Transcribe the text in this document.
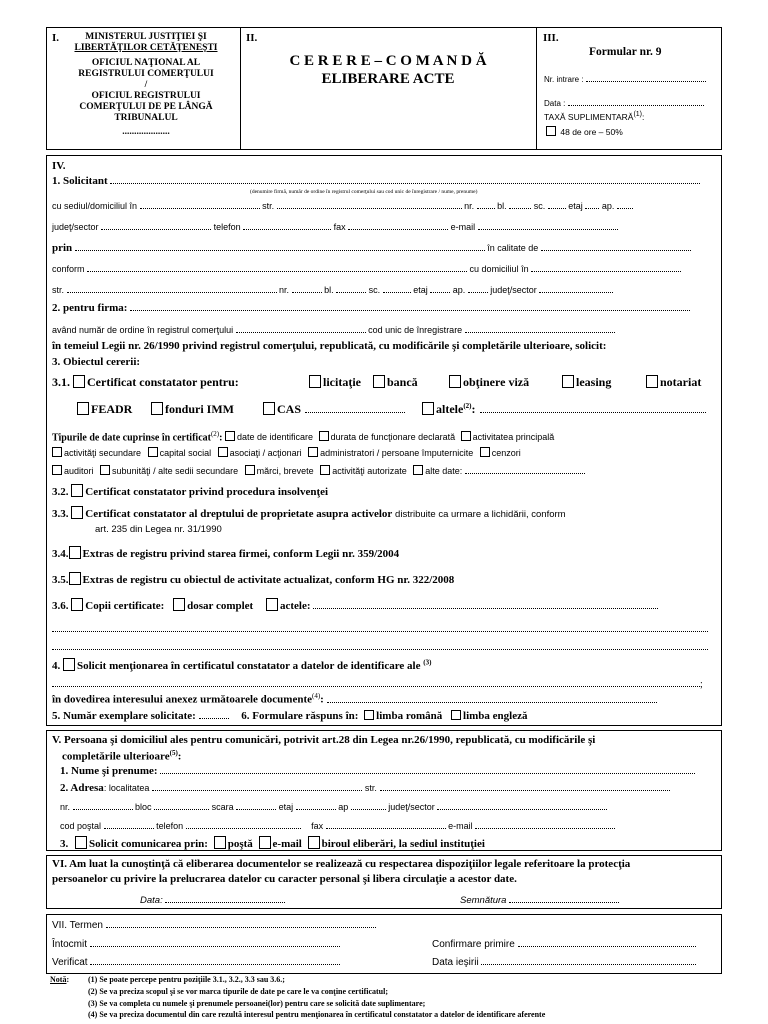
I.	MINISTERUL JUSTIŢIEI ŞI
LIBERTĂŢILOR CETĂŢENEŞTI
OFICIUL NAŢIONAL AL
REGISTRULUI COMERŢULUI
/
OFICIUL REGISTRULUI
COMERŢULUI DE PE LÂNGĂ
TRIBUNALUL
....................
II.
C E R E R E – C O M A N D Ă
ELIBERARE ACTE
III.
Formular nr. 9
Nr. intrare :
Data :
TAXĂ SUPLIMENTARĂ$^{(1)}$:
48 de ore – 50%
IV.
1. Solicitant
(denumire firmă, număr de ordine în registrul comerţului sau cod unic de înregistrare / nume, prenume)
cu sediul/domiciliul în	str.	nr.	bl.	sc.	etaj ap.
judeţ/sector	telefon	fax	e-mail
prin	în calitate de
conform	cu domiciliul în
str.	nr.	bl.	sc.	etaj	ap.	judeţ/sector
2. pentru firma:
având număr de ordine în registrul comerţului	cod unic de înregistrare
în temeiul Legii nr. 26/1990 privind registrul comerţului, republicată, cu modificările şi completările ulterioare, solicit:
3. Obiectul cererii:
3.1. Certificat constatator pentru:	licitaţie	bancă	obţinere viză	leasing	notariat
FEADR	fonduri IMM	CAS	altele$^{(2)}$:
Tipurile de date cuprinse în certificat$^{(2)}$: date de identificare durata de funcţionare declarată activitatea principală
activităţi secundare capital social asociaţi / acţionari administratori / persoane împuternicite cenzori
auditori subunităţi / alte sedii secundare mărci, brevete activităţi autorizate alte date:
3.2. Certificat constatator privind procedura insolvenţei
3.3. Certificat constatator al dreptului de proprietate asupra activelor distribuite ca urmare a lichidării, conform
art. 235 din Legea nr. 31/1990
3.4. Extras de registru privind starea firmei, conform Legii nr. 359/2004
3.5. Extras de registru cu obiectul de activitate actualizat, conform HG nr. 322/2008
3.6. Copii certificate: dosar complet actele:
4. Solicit menţionarea în certificatul constatator a datelor de identificare ale $^{(3)}$
;
în dovedirea interesului anexez următoarele documente$^{(4)}$:
5. Număr exemplare solicitate:	6. Formulare răspuns în: limba română limba engleză
V. Persoana şi domiciliul ales pentru comunicări, potrivit art.28 din Legea nr.26/1990, republicată, cu modificările şi
completările ulterioare$^{(5)}$:
1. Nume şi prenume:
2. Adresa: localitatea	str.
nr.	bloc	scara	etaj	ap	judeţ/sector
cod poştal	telefon	fax	e-mail
3. Solicit comunicarea prin: poştă e-mail biroul eliberări, la sediul instituţiei
VI. Am luat la cunoştinţă că eliberarea documentelor se realizează cu respectarea dispoziţiilor legale referitoare la protecţia
persoanelor cu privire la prelucrarea datelor cu caracter personal şi libera circulaţie a acestor date.
Data:	Semnătura
VII. Termen
Întocmit	Confirmare primire
Verificat	Data ieşirii
Notă: (1) Se poate percepe pentru poziţiile 3.1., 3.2., 3.3 sau 3.6.;
(2) Se va preciza scopul şi se vor marca tipurile de date pe care le va conţine certificatul;
(3) Se va completa cu numele şi prenumele persoanei(lor) pentru care se solicită date suplimentare;
(4) Se va preciza documentul din care rezultă interesul pentru menţionarea în certificatul constatator a datelor de identificare aferente
